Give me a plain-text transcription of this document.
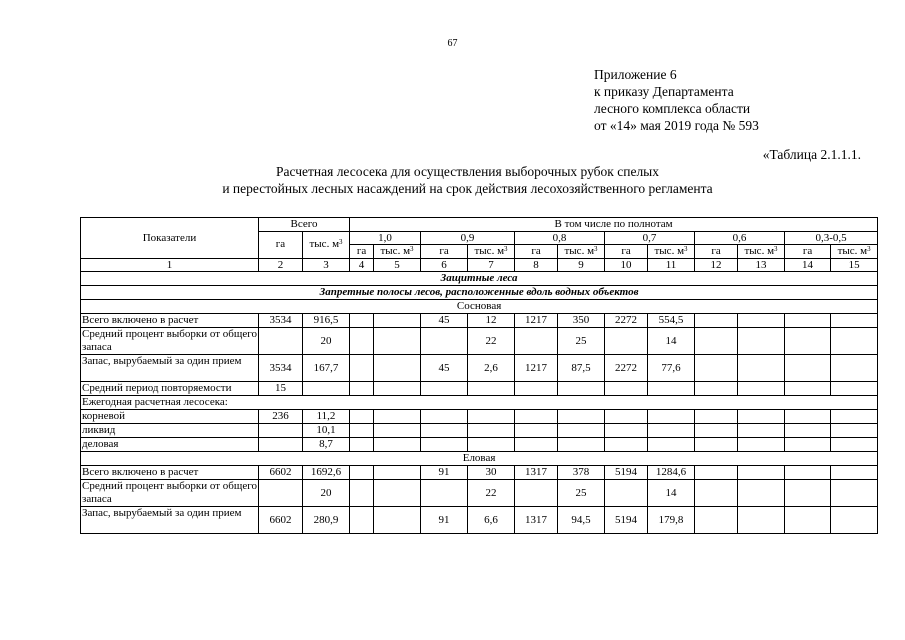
67
Приложение 6
к приказу Департамента
лесного комплекса области
от «14» мая 2019 года № 593
«Таблица 2.1.1.1.
Расчетная лесосека для осуществления выборочных рубок спелых
и перестойных лесных насаждений на срок действия лесохозяйственного регламента
Показатели	Всего		В том числе по полнотам											
	га	тыс. $м^3$	1,0		0,9		0,8		0,7		0,6		0,3-0,5	
			га	тыс. $м^3$	га	тыс. $м^3$	га	тыс. $м^3$	га	тыс. $м^3$	га	тыс. $м^3$	га	тыс. $м^3$
1	2	3	4	5	6	7	8	9	10	11	12	13	14	15
Защитные леса														
Запретные полосы лесов, расположенные вдоль водных объектов														
Сосновая														
Всего включено в расчет	3534	916,5			45	12	1217	350	2272	554,5				
Средний процент выборки от общего запаса		20				22		25		14				
Запас, вырубаемый за один прием	3534	167,7			45	2,6	1217	87,5	2272	77,6				
Средний период повторяемости	15													
Ежегодная расчетная лесосека:														
корневой	236	11,2												
ликвид		10,1												
деловая		8,7												
Еловая														
Всего включено в расчет	6602	1692,6			91	30	1317	378	5194	1284,6				
Средний процент выборки от общего запаса		20				22		25		14				
Запас, вырубаемый за один прием	6602	280,9			91	6,6	1317	94,5	5194	179,8				
